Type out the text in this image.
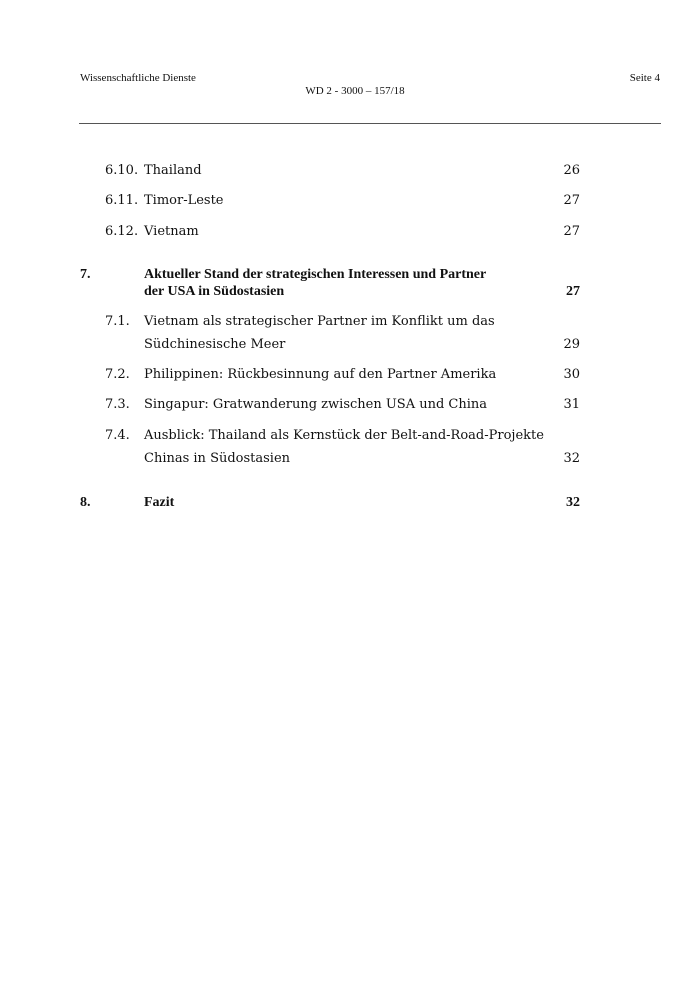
Wissenschaftliche Dienste	Seite 4
WD 2 - 3000 – 157/18
6.10. Thailand	26
6.11. Timor-Leste	27
6.12. Vietnam	27
7.	Aktueller Stand der strategischen Interessen und Partner
der USA in Südostasien	27
7.1. Vietnam als strategischer Partner im Konflikt um das
Südchinesische Meer	29
7.2. Philippinen: Rückbesinnung auf den Partner Amerika	30
7.3. Singapur: Gratwanderung zwischen USA und China	31
7.4. Ausblick: Thailand als Kernstück der Belt-and-Road-Projekte
Chinas in Südostasien	32
8.	Fazit	32
